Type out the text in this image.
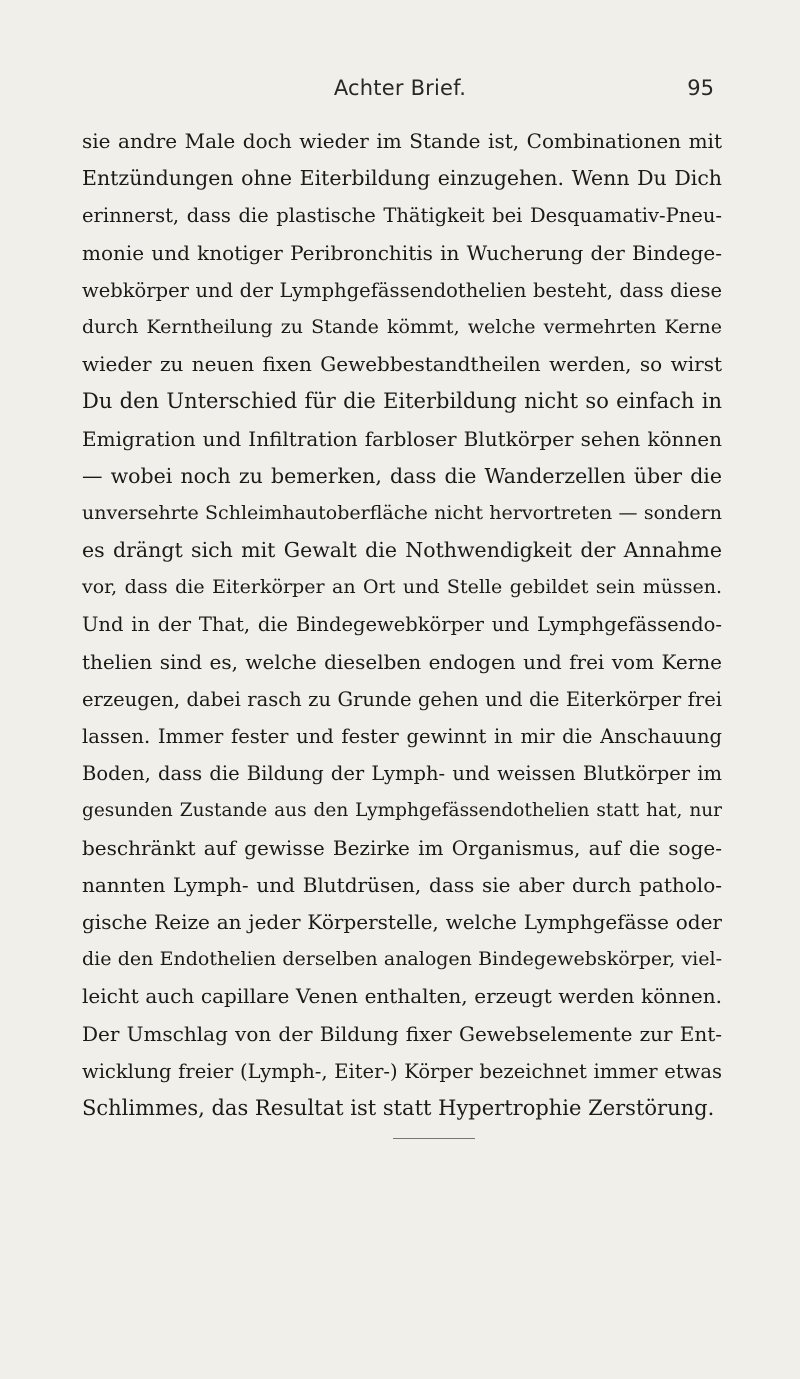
Achter Brief.	95
sie andre Male doch wieder im Stande ist, Combinationen mit
Entzündungen ohne Eiterbildung einzugehen. Wenn Du Dich
erinnerst, dass die plastische Thätigkeit bei Desquamativ-Pneu-
monie und knotiger Peribronchitis in Wucherung der Bindege-
webkörper und der Lymphgefässendothelien besteht, dass diese
durch Kerntheilung zu Stande kömmt, welche vermehrten Kerne
wieder zu neuen fixen Gewebbestandtheilen werden, so wirst
Du den Unterschied für die Eiterbildung nicht so einfach in
Emigration und Infiltration farbloser Blutkörper sehen können
— wobei noch zu bemerken, dass die Wanderzellen über die
unversehrte Schleimhautoberfläche nicht hervortreten — sondern
es drängt sich mit Gewalt die Nothwendigkeit der Annahme
vor, dass die Eiterkörper an Ort und Stelle gebildet sein müssen.
Und in der That, die Bindegewebkörper und Lymphgefässendo-
thelien sind es, welche dieselben endogen und frei vom Kerne
erzeugen, dabei rasch zu Grunde gehen und die Eiterkörper frei
lassen. Immer fester und fester gewinnt in mir die Anschauung
Boden, dass die Bildung der Lymph- und weissen Blutkörper im
gesunden Zustande aus den Lymphgefässendothelien statt hat, nur
beschränkt auf gewisse Bezirke im Organismus, auf die soge-
nannten Lymph- und Blutdrüsen, dass sie aber durch patholo-
gische Reize an jeder Körperstelle, welche Lymphgefässe oder
die den Endothelien derselben analogen Bindegewebskörper, viel-
leicht auch capillare Venen enthalten, erzeugt werden können.
Der Umschlag von der Bildung fixer Gewebselemente zur Ent-
wicklung freier (Lymph-, Eiter-) Körper bezeichnet immer etwas
Schlimmes, das Resultat ist statt Hypertrophie Zerstörung.
